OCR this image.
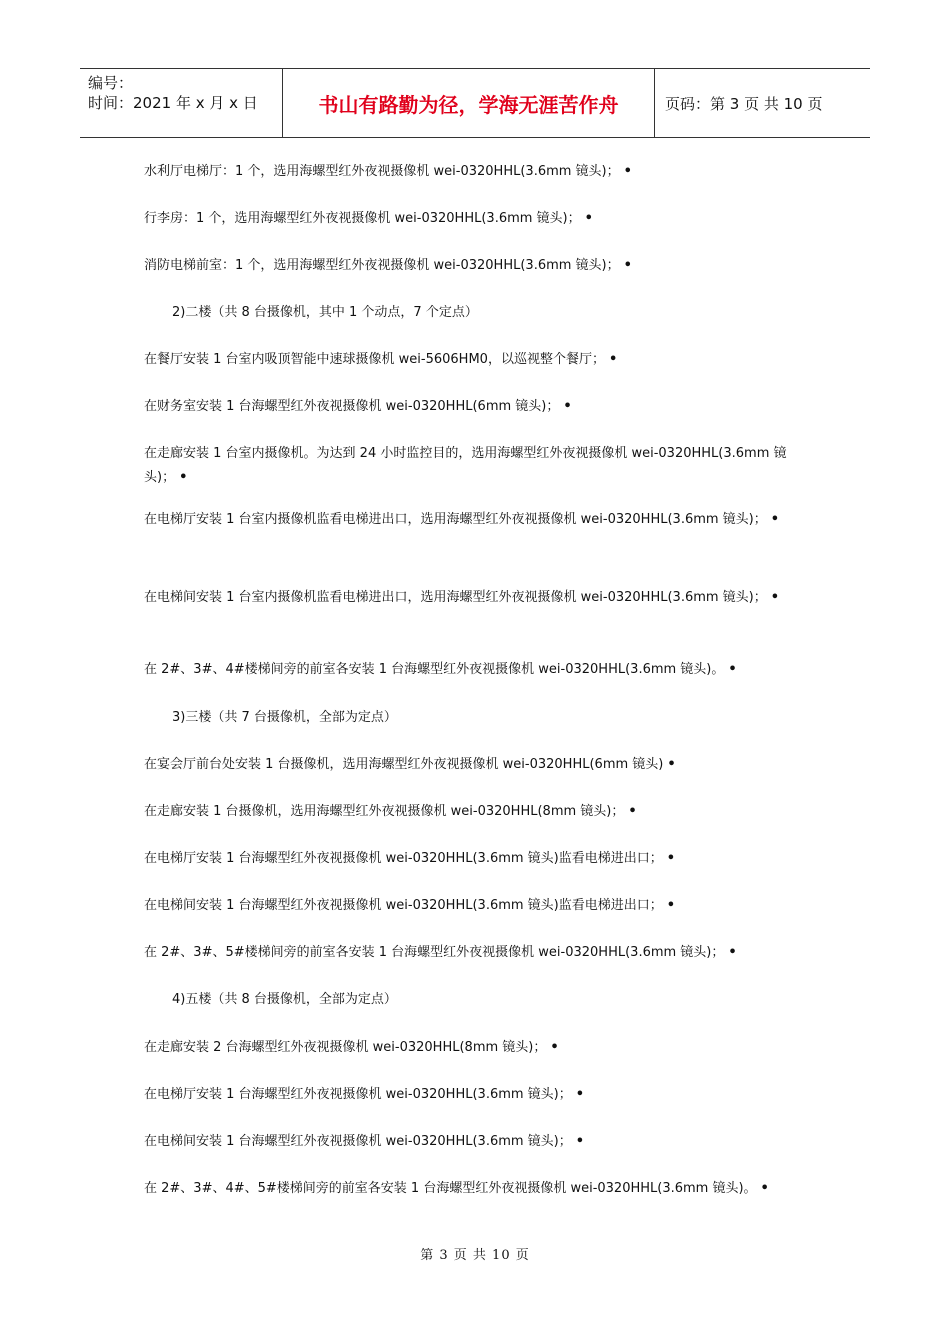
编号：
时间：2021 年 x 月 x 日	书山有路勤为径，学海无涯苦作舟	页码：第 3 页 共 10 页
水利厅电梯厅：1 个，选用海螺型红外夜视摄像机 wei-0320HHL(3.6mm 镜头)； •
行李房：1 个，选用海螺型红外夜视摄像机 wei-0320HHL(3.6mm 镜头)； •
消防电梯前室：1 个，选用海螺型红外夜视摄像机 wei-0320HHL(3.6mm 镜头)； •
2)二楼（共 8 台摄像机，其中 1 个动点，7 个定点）
在餐厅安装 1 台室内吸顶智能中速球摄像机 wei-5606HM0，以巡视整个餐厅； •
在财务室安装 1 台海螺型红外夜视摄像机 wei-0320HHL(6mm 镜头)； •
在走廊安装 1 台室内摄像机。为达到 24 小时监控目的，选用海螺型红外夜视摄像机 wei-0320HHL(3.6mm 镜头)； •
在电梯厅安装 1 台室内摄像机监看电梯进出口，选用海螺型红外夜视摄像机 wei-0320HHL(3.6mm 镜头)； •
在电梯间安装 1 台室内摄像机监看电梯进出口，选用海螺型红外夜视摄像机 wei-0320HHL(3.6mm 镜头)； •
在 2#、3#、4#楼梯间旁的前室各安装 1 台海螺型红外夜视摄像机 wei-0320HHL(3.6mm 镜头)。 •
3)三楼（共 7 台摄像机，全部为定点）
在宴会厅前台处安装 1 台摄像机，选用海螺型红外夜视摄像机 wei-0320HHL(6mm 镜头) •
在走廊安装 1 台摄像机，选用海螺型红外夜视摄像机 wei-0320HHL(8mm 镜头)； •
在电梯厅安装 1 台海螺型红外夜视摄像机 wei-0320HHL(3.6mm 镜头)监看电梯进出口； •
在电梯间安装 1 台海螺型红外夜视摄像机 wei-0320HHL(3.6mm 镜头)监看电梯进出口； •
在 2#、3#、5#楼梯间旁的前室各安装 1 台海螺型红外夜视摄像机 wei-0320HHL(3.6mm 镜头)； •
4)五楼（共 8 台摄像机，全部为定点）
在走廊安装 2 台海螺型红外夜视摄像机 wei-0320HHL(8mm 镜头)； •
在电梯厅安装 1 台海螺型红外夜视摄像机 wei-0320HHL(3.6mm 镜头)； •
在电梯间安装 1 台海螺型红外夜视摄像机 wei-0320HHL(3.6mm 镜头)； •
在 2#、3#、4#、5#楼梯间旁的前室各安装 1 台海螺型红外夜视摄像机 wei-0320HHL(3.6mm 镜头)。 •
第 3 页 共 10 页
